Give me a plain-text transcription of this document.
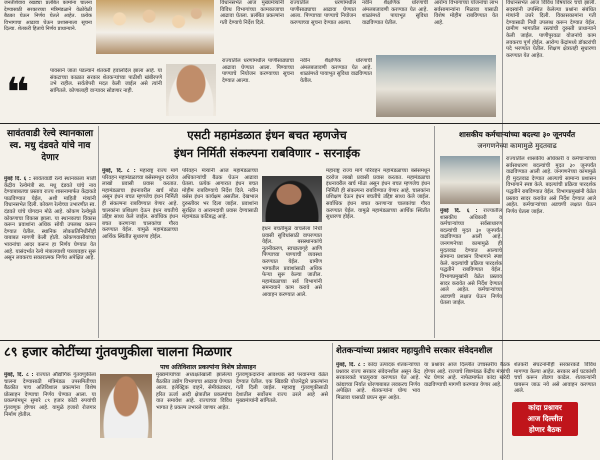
जनतेशिवाय रखड्या प्रलंबित कामांना चालना देण्यासाठी सरकारच्या मंत्रिमंडळाने वेळोवेळी बैठका घेऊन निर्णय घेतले आहेत. प्रत्येक विभागाचा आढावा घेऊन प्रशासनाला सूचना दिल्या. शेतकरी हिताचे निर्णय प्राधान्याने.
विधानसभेत आज मुख्यमंत्र्यांनी विविध विभागांच्या कामकाजाचा आढावा घेतला. प्रलंबित प्रकल्पांना गती देण्याचे निर्देश दिले.
राज्यातील धरणांमधील पाणीसाठ्याचा आढावा घेण्यात आला. पिण्याच्या पाण्याचे नियोजन करण्याच्या सूचना देण्यात आल्या.
नवीन शैक्षणिक धोरणाची अंमलबजावणी करण्यात येत आहे. शाळांमध्ये पायाभूत सुविधा वाढविण्यात येतील.
आरोग्य विभागाच्या योजनांचा लाभ सर्वसामान्यांना मिळावा यासाठी विशेष मोहीम राबविण्यात येत आहे.
❝	पावसाने जाता पडल्याने शेतकरी हवालदिल झाला आहे. या संकटाच्या काळात सरकार शेतकऱ्यांच्या पाठीशी खंबीरपणे उभे राहील. सर्वतोपरी मदत केली जाईल असे त्यांनी सांगितले. कोणालाही वाऱ्यावर सोडणार नाही.
राज्यातील धरणांमधील पाणीसाठ्याचा आढावा घेण्यात आला. पिण्याच्या पाण्याचे नियोजन करण्याच्या सूचना देण्यात आल्या.
नवीन शैक्षणिक धोरणाची अंमलबजावणी करण्यात येत आहे. शाळांमध्ये पायाभूत सुविधा वाढविण्यात येतील.
विधानसभेत आज विविध विषयांवर चर्चा झाली. सदस्यांनी उपस्थित केलेल्या प्रश्नांना संबंधित मंत्र्यांनी उत्तरे दिली. विकासकामांना गती देण्यासाठी निधी उपलब्ध करून देण्यात येईल. ग्रामीण भागातील रस्त्यांची दुरुस्ती प्राधान्याने केली जाईल. पाणीपुरवठा योजनांचे काम लवकरच पूर्ण होईल. आरोग्य केंद्रांमध्ये डॉक्टरांची पदे भरण्यात येतील. शिक्षण क्षेत्रातही सुधारणा करण्यात येत आहेत.
सावंतवाडी रेल्वे स्थानकाला स्व. मधु दंडवते यांचे नाव देणार
मुंबई दि. ६ : सावंतवाडी रेल्वे स्थानकाला माजी केंद्रीय रेल्वेमंत्री स्व. मधु दंडवते यांचे नाव देण्याबाबतचा प्रस्ताव राज्य शासनामार्फत केंद्राकडे पाठविण्यात येईल, अशी माहिती मंत्र्यांनी विधानसभेत दिली. कोकण रेल्वेच्या उभारणीत स्व. दंडवते यांचे योगदान मोठे आहे. कोकण रेल्वेमुळे कोकणाचा विकास झाला. या स्थानकाचा विकास करून प्रवाशांना अधिक सोयी उपलब्ध करून देण्यात येतील. स्थानिक लोकप्रतिनिधींनीही याबाबत मागणी केली होती. कोकणवासीयांच्या भावनांचा आदर करून हा निर्णय घेण्यात येत आहे. यासंदर्भात रेल्वे मंत्रालयाशी पत्रव्यवहार सुरू असून लवकरच सकारात्मक निर्णय अपेक्षित आहे.
एसटी महामंडळात इंधन बचत म्हणजेच
इंधन निर्मिती संकल्पना राबविणार - सरनाईक
मुंबई, दि. ८ : महाराष्ट्र राज्य मार्ग परिवहन महामंडळाच्या बसेसमधून दररोज लाखो प्रवासी प्रवास करतात. महामंडळाचा इंधनावरील खर्च मोठा असून इंधन बचत म्हणजेच इंधन निर्मिती ही संकल्पना राबविण्यात येणार आहे. चालकांना प्रशिक्षण देऊन इंधन बचतीचे उद्दिष्ट साध्य केले जाईल. सर्वाधिक इंधन बचत करणाऱ्या चालकांचा गौरव करण्यात येईल. यामुळे महामंडळाच्या आर्थिक स्थितीत सुधारणा होईल.
परिवहन मंत्र्यांनी आज महामंडळाच्या अधिकाऱ्यांची बैठक घेऊन आढावा घेतला. प्रत्येक आगारात इंधन बचत मोहीम राबविण्याचे निर्देश दिले. नवीन बसेस इंधन कार्यक्षम असतील. देखभाल दुरुस्तीवर भर दिला जाईल. प्रवाशांना सुरक्षित व आरामदायी प्रवास देण्यासाठी महामंडळ कटिबद्ध आहे.
इंधन बचतीमुळे वाचलेला निधी प्रवासी सुविधांसाठी वापरण्यात येईल. बसस्थानकांचे नूतनीकरण, स्वच्छतागृहे आणि पिण्याच्या पाण्याची व्यवस्था करण्यात येईल. ग्रामीण भागातील प्रवाशांसाठी अधिक फेऱ्या सुरू केल्या जातील. महामंडळाच्या सर्व विभागांनी समन्वयाने काम करावे असे आवाहन करण्यात आले.
महाराष्ट्र राज्य मार्ग परिवहन महामंडळाच्या बसेसमधून दररोज लाखो प्रवासी प्रवास करतात. महामंडळाचा इंधनावरील खर्च मोठा असून इंधन बचत म्हणजेच इंधन निर्मिती ही संकल्पना राबविण्यात येणार आहे. चालकांना प्रशिक्षण देऊन इंधन बचतीचे उद्दिष्ट साध्य केले जाईल. सर्वाधिक इंधन बचत करणाऱ्या चालकांचा गौरव करण्यात येईल. यामुळे महामंडळाच्या आर्थिक स्थितीत सुधारणा होईल.
शासकीय कर्मचाऱ्यांच्या बदल्या ३० जूनपर्यंत
जनगणनेच्या कामामुळे मुदतवाढ
राज्यातील शासकीय अधिकारी व कर्मचाऱ्यांच्या सर्वसाधारण बदल्यांची मुदत ३० जूनपर्यंत वाढविण्यात आली आहे. जनगणनेच्या कामामुळे ही मुदतवाढ देण्यात आल्याचे सामान्य प्रशासन विभागाने स्पष्ट केले. बदल्यांची प्रक्रिया पारदर्शक पद्धतीने राबविण्यात येईल. विभागप्रमुखांनी वेळेत प्रस्ताव सादर करावेत असे निर्देश देण्यात आले आहेत. कर्मचाऱ्यांच्या अडचणी लक्षात घेऊन निर्णय घेतला जाईल.
मुंबई दि. ६ : राज्यातील शासकीय अधिकारी व कर्मचाऱ्यांच्या सर्वसाधारण बदल्यांची मुदत ३० जूनपर्यंत वाढविण्यात आली आहे. जनगणनेच्या कामामुळे ही मुदतवाढ देण्यात आल्याचे सामान्य प्रशासन विभागाने स्पष्ट केले. बदल्यांची प्रक्रिया पारदर्शक पद्धतीने राबविण्यात येईल. विभागप्रमुखांनी वेळेत प्रस्ताव सादर करावेत असे निर्देश देण्यात आले आहेत. कर्मचाऱ्यांच्या अडचणी लक्षात घेऊन निर्णय घेतला जाईल.
८९ हजार कोटींच्या गुंतवणुकीला चालना मिळणार
पाच अतिविशाल प्रकल्पांना विशेष प्रोत्साहन
मुंबई, दि. ८ : राज्यात औद्योगिक गुंतवणुकीला चालना देण्यासाठी मंत्रिमंडळ उपसमितीच्या बैठकीत पाच अतिविशाल प्रकल्पांना विशेष प्रोत्साहन देण्याचा निर्णय घेण्यात आला. या प्रकल्पांमधून सुमारे ८९ हजार कोटी रुपयांची गुंतवणूक होणार आहे. यामुळे हजारो रोजगार निर्माण होतील.
मुख्यमंत्र्यांच्या अध्यक्षतेखाली झालेल्या बैठकीत उद्योग विभागाचा आढावा घेण्यात आला. इलेक्ट्रिक वाहने, सेमीकंडक्टर, हरित ऊर्जा आदी क्षेत्रातील प्रकल्पांचा यात समावेश आहे. राज्याच्या विविध भागात हे प्रकल्प उभारले जाणार आहेत.
गुंतवणूकदारांना आवश्यक सर्व परवानग्या वेळेत देण्यात येतील. एक खिडकी योजनेद्वारे प्रकल्पांना गती दिली जाईल. महाराष्ट्र गुंतवणुकीसाठी देशातील सर्वोत्तम राज्य ठरले आहे असे मुख्यमंत्र्यांनी सांगितले.
शेतकऱ्यांच्या प्रश्नावर महायुतीचे सरकार संवेदनशील
मुंबई, दि. ८ : कांदा उत्पादक शेतकऱ्यांच्या प्रश्नावर राज्य सरकार संवेदनशील असून केंद्र सरकारकडे पाठपुरावा करण्यात येत आहे. कांद्याच्या निर्यात धोरणाबाबत लवकरच निर्णय अपेक्षित आहे. शेतकऱ्यांना योग्य भाव मिळावा यासाठी प्रयत्न सुरू आहेत.
या प्रश्नावर आज दिल्लीत उच्चस्तरीय बैठक होणार आहे. राज्याचे शिष्टमंडळ केंद्रीय मंत्र्यांची भेट घेणार आहे. नाफेडमार्फत कांदा खरेदी वाढविण्याची मागणी करण्यात येणार आहे.
कांदा प्रश्नावर
आज दिल्लीत
होणार बैठक
शेतकरी संघटनांनीही सरकारकडे विविध मागण्या केल्या आहेत. सरकार सर्व घटकांशी चर्चा करून तोडगा काढेल. शेतकऱ्यांनी घाबरून जाऊ नये असे आवाहन करण्यात आले.
